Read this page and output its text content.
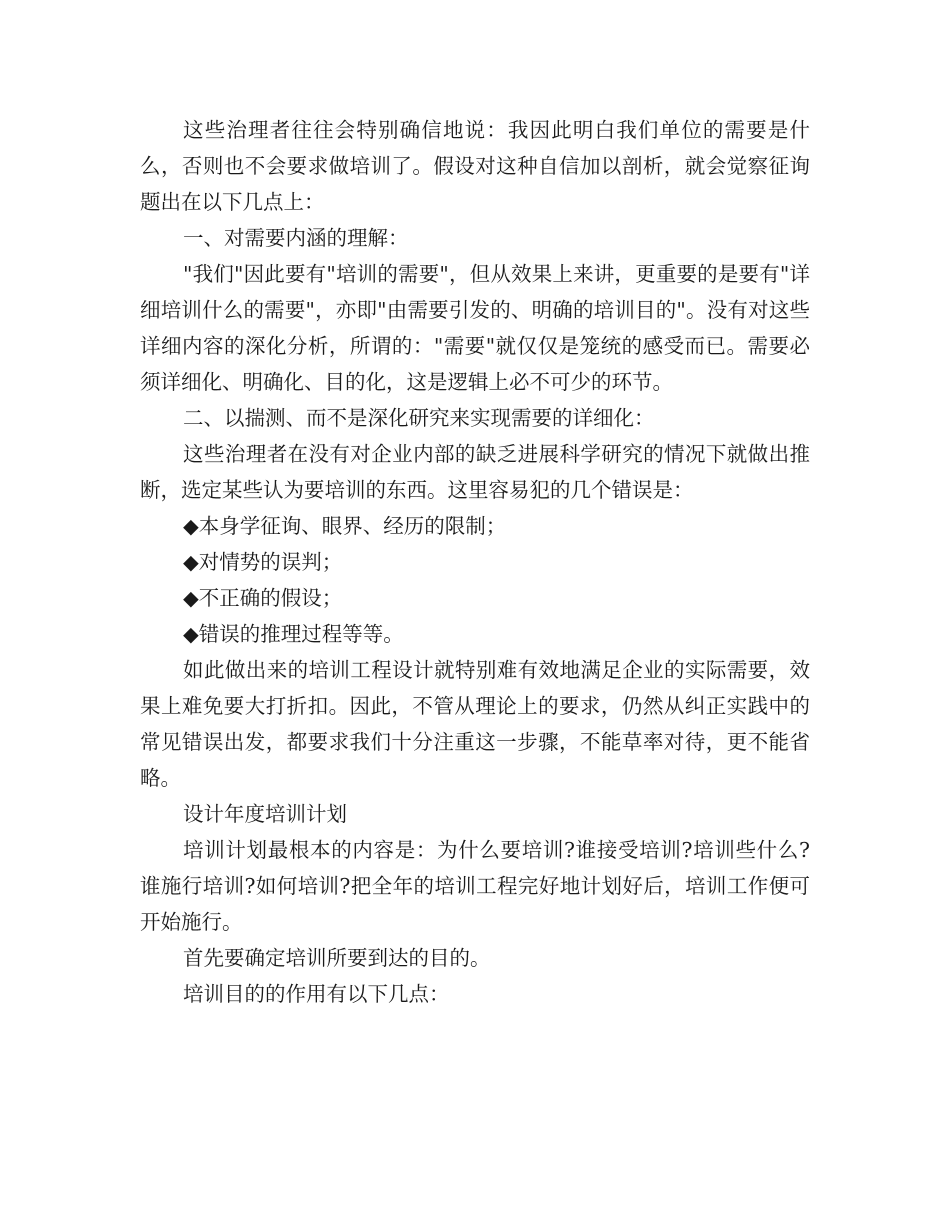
这些治理者往往会特别确信地说：我因此明白我们单位的需要是什么，否则也不会要求做培训了。假设对这种自信加以剖析，就会觉察征询题出在以下几点上：

一、对需要内涵的理解：

"我们"因此要有"培训的需要"，但从效果上来讲，更重要的是要有"详细培训什么的需要"，亦即"由需要引发的、明确的培训目的"。没有对这些详细内容的深化分析，所谓的："需要"就仅仅是笼统的感受而已。需要必须详细化、明确化、目的化，这是逻辑上必不可少的环节。

二、以揣测、而不是深化研究来实现需要的详细化：

这些治理者在没有对企业内部的缺乏进展科学研究的情况下就做出推断，选定某些认为要培训的东西。这里容易犯的几个错误是：

◆本身学征询、眼界、经历的限制；

◆对情势的误判；

◆不正确的假设；

◆错误的推理过程等等。

如此做出来的培训工程设计就特别难有效地满足企业的实际需要，效果上难免要大打折扣。因此，不管从理论上的要求，仍然从纠正实践中的常见错误出发，都要求我们十分注重这一步骤，不能草率对待，更不能省略。

设计年度培训计划

培训计划最根本的内容是：为什么要培训?谁接受培训?培训些什么?谁施行培训?如何培训?把全年的培训工程完好地计划好后，培训工作便可开始施行。

首先要确定培训所要到达的目的。

培训目的的作用有以下几点：
